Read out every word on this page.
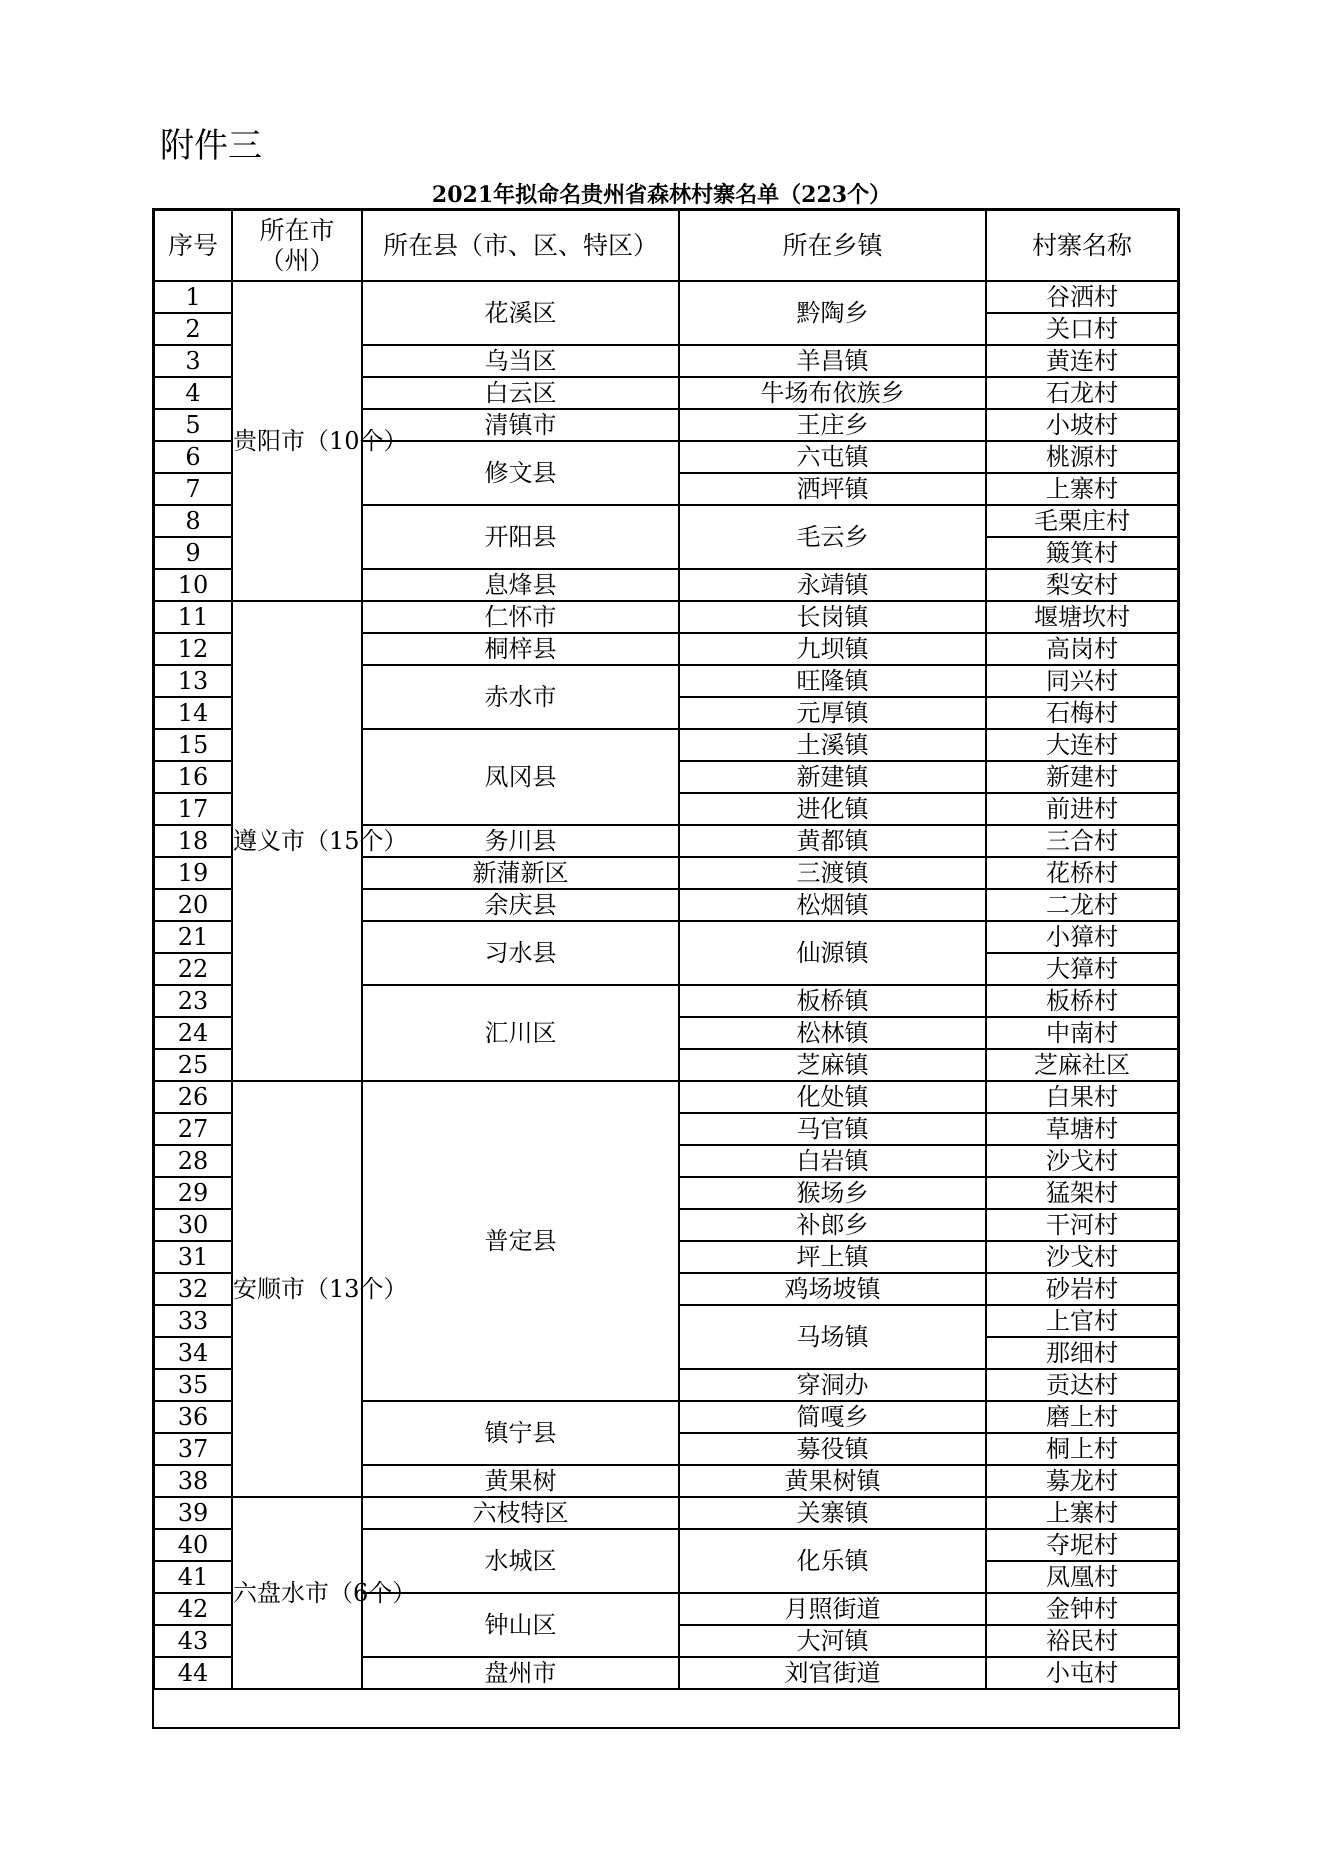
附件三
2021年拟命名贵州省森林村寨名单（223个）
序号	所在市（州）	所在县（市、区、特区）	所在乡镇	村寨名称
1	贵阳市（10个）	花溪区	黔陶乡	谷洒村
2				关口村
3		乌当区	羊昌镇	黄连村
4		白云区	牛场布依族乡	石龙村
5		清镇市	王庄乡	小坡村
6		修文县	六屯镇	桃源村
7			洒坪镇	上寨村
8		开阳县	毛云乡	毛栗庄村
9				簸箕村
10		息烽县	永靖镇	梨安村
11	遵义市（15个）	仁怀市	长岗镇	堰塘坎村
12		桐梓县	九坝镇	高岗村
13		赤水市	旺隆镇	同兴村
14			元厚镇	石梅村
15		凤冈县	土溪镇	大连村
16			新建镇	新建村
17			进化镇	前进村
18		务川县	黄都镇	三合村
19		新蒲新区	三渡镇	花桥村
20		余庆县	松烟镇	二龙村
21		习水县	仙源镇	小獐村
22				大獐村
23		汇川区	板桥镇	板桥村
24			松林镇	中南村
25			芝麻镇	芝麻社区
26	安顺市（13个）	普定县	化处镇	白果村
27			马官镇	草塘村
28			白岩镇	沙戈村
29			猴场乡	猛架村
30			补郎乡	干河村
31			坪上镇	沙戈村
32			鸡场坡镇	砂岩村
33			马场镇	上官村
34				那细村
35			穿洞办	贡达村
36		镇宁县	简嘎乡	磨上村
37			募役镇	桐上村
38		黄果树	黄果树镇	募龙村
39	六盘水市（6个）	六枝特区	关寨镇	上寨村
40		水城区	化乐镇	夺坭村
41				凤凰村
42		钟山区	月照街道	金钟村
43			大河镇	裕民村
44		盘州市	刘官街道	小屯村
